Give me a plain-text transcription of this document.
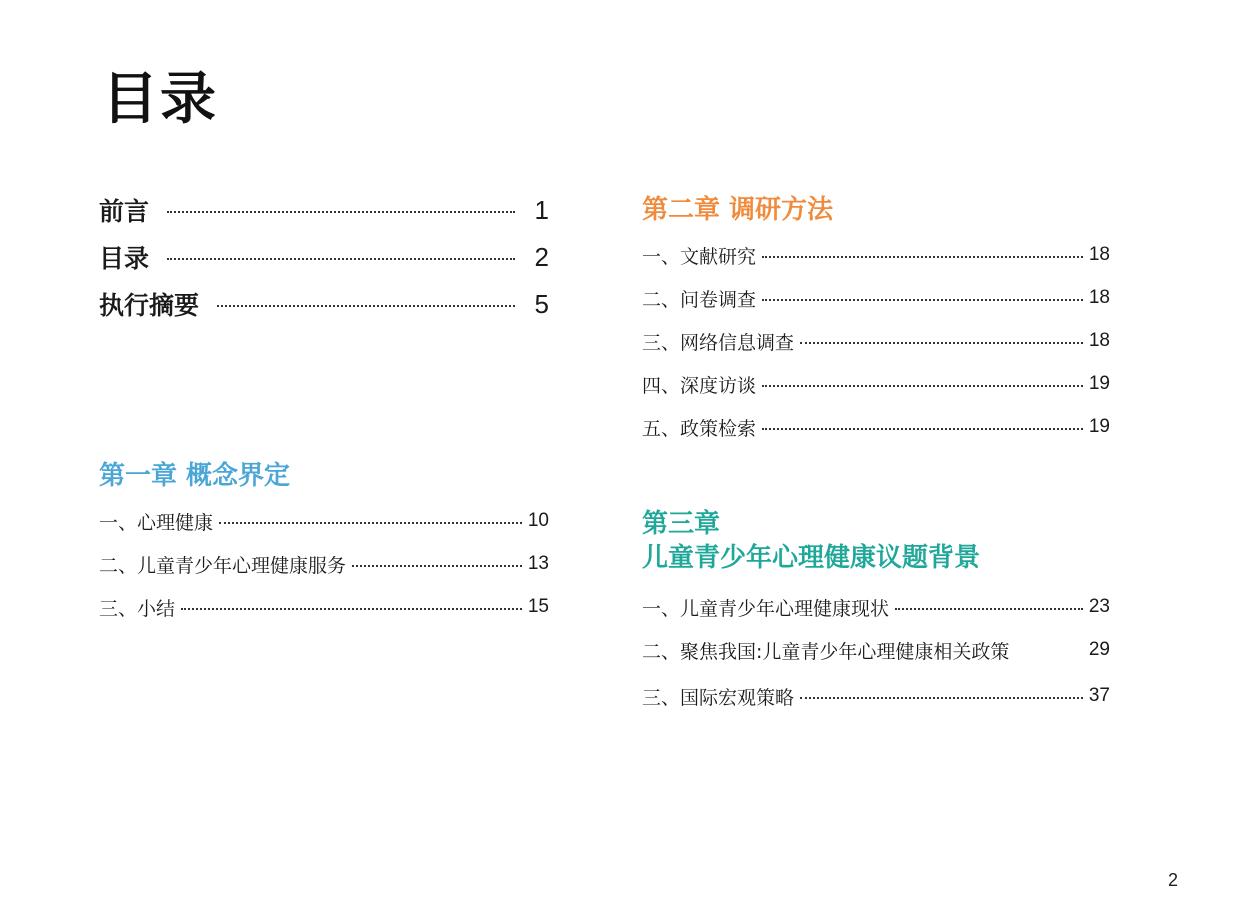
目录
前言	1
目录	2
执行摘要	5
第一章 概念界定
一、心理健康	10
二、儿童青少年心理健康服务	13
三、小结	15
第二章 调研方法
一、文献研究	18
二、问卷调查	18
三、网络信息调查	18
四、深度访谈	19
五、政策检索	19
第三章
儿童青少年心理健康议题背景
一、儿童青少年心理健康现状	23
二、聚焦我国:儿童青少年心理健康相关政策	29
三、国际宏观策略	37
2
